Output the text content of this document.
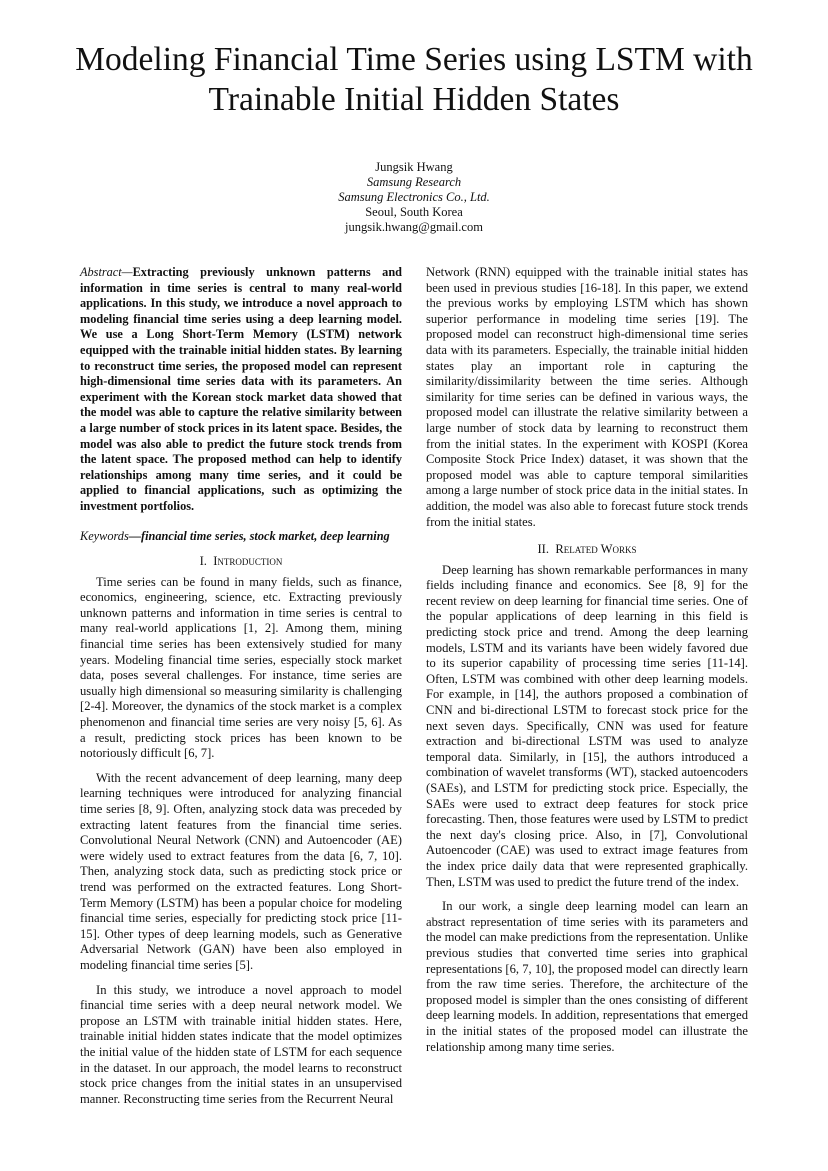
Modeling Financial Time Series using LSTM with Trainable Initial Hidden States
Jungsik Hwang
Samsung Research
Samsung Electronics Co., Ltd.
Seoul, South Korea
jungsik.hwang@gmail.com

Abstract—Extracting previously unknown patterns and information in time series is central to many real-world applications. In this study, we introduce a novel approach to modeling financial time series using a deep learning model. We use a Long Short-Term Memory (LSTM) network equipped with the trainable initial hidden states. By learning to reconstruct time series, the proposed model can represent high-dimensional time series data with its parameters. An experiment with the Korean stock market data showed that the model was able to capture the relative similarity between a large number of stock prices in its latent space. Besides, the model was also able to predict the future stock trends from the latent space. The proposed method can help to identify relationships among many time series, and it could be applied to financial applications, such as optimizing the investment portfolios.

Keywords—financial time series, stock market, deep learning

I. Introduction

Time series can be found in many fields, such as finance, economics, engineering, science, etc. Extracting previously unknown patterns and information in time series is central to many real-world applications [1, 2]. Among them, mining financial time series has been extensively studied for many years. Modeling financial time series, especially stock market data, poses several challenges. For instance, time series are usually high dimensional so measuring similarity is challenging [2-4]. Moreover, the dynamics of the stock market is a complex phenomenon and financial time series are very noisy [5, 6]. As a result, predicting stock prices has been known to be notoriously difficult [6, 7].

With the recent advancement of deep learning, many deep learning techniques were introduced for analyzing financial time series [8, 9]. Often, analyzing stock data was preceded by extracting latent features from the financial time series. Convolutional Neural Network (CNN) and Autoencoder (AE) were widely used to extract features from the data [6, 7, 10]. Then, analyzing stock data, such as predicting stock price or trend was performed on the extracted features. Long Short-Term Memory (LSTM) has been a popular choice for modeling financial time series, especially for predicting stock price [11-15]. Other types of deep learning models, such as Generative Adversarial Network (GAN) have been also employed in modeling financial time series [5].

In this study, we introduce a novel approach to model financial time series with a deep neural network model. We propose an LSTM with trainable initial hidden states. Here, trainable initial hidden states indicate that the model optimizes the initial value of the hidden state of LSTM for each sequence in the dataset. In our approach, the model learns to reconstruct stock price changes from the initial states in an unsupervised manner. Reconstructing time series from the Recurrent Neural

Network (RNN) equipped with the trainable initial states has been used in previous studies [16-18]. In this paper, we extend the previous works by employing LSTM which has shown superior performance in modeling time series [19]. The proposed model can reconstruct high-dimensional time series data with its parameters. Especially, the trainable initial hidden states play an important role in capturing the similarity/dissimilarity between the time series. Although similarity for time series can be defined in various ways, the proposed model can illustrate the relative similarity between a large number of stock data by learning to reconstruct them from the initial states. In the experiment with KOSPI (Korea Composite Stock Price Index) dataset, it was shown that the proposed model was able to capture temporal similarities among a large number of stock price data in the initial states. In addition, the model was also able to forecast future stock trends from the initial states.

II. Related Works

Deep learning has shown remarkable performances in many fields including finance and economics. See [8, 9] for the recent review on deep learning for financial time series. One of the popular applications of deep learning in this field is predicting stock price and trend. Among the deep learning models, LSTM and its variants have been widely favored due to its superior capability of processing time series [11-14]. Often, LSTM was combined with other deep learning models. For example, in [14], the authors proposed a combination of CNN and bi-directional LSTM to forecast stock price for the next seven days. Specifically, CNN was used for feature extraction and bi-directional LSTM was used to analyze temporal data. Similarly, in [15], the authors introduced a combination of wavelet transforms (WT), stacked autoencoders (SAEs), and LSTM for predicting stock price. Especially, the SAEs were used to extract deep features for stock price forecasting. Then, those features were used by LSTM to predict the next day's closing price. Also, in [7], Convolutional Autoencoder (CAE) was used to extract image features from the index price daily data that were represented graphically. Then, LSTM was used to predict the future trend of the index.

In our work, a single deep learning model can learn an abstract representation of time series with its parameters and the model can make predictions from the representation. Unlike previous studies that converted time series into graphical representations [6, 7, 10], the proposed model can directly learn from the raw time series. Therefore, the architecture of the proposed model is simpler than the ones consisting of different deep learning models. In addition, representations that emerged in the initial states of the proposed model can illustrate the relationship among many time series.
